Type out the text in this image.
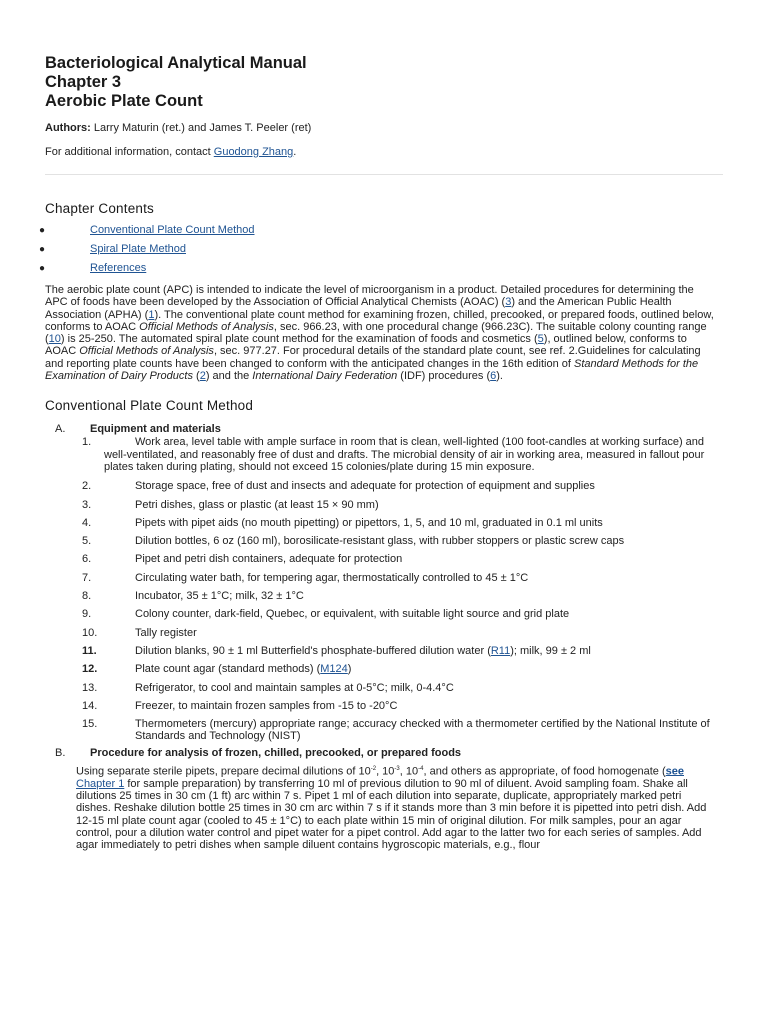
Bacteriological Analytical Manual
Chapter 3
Aerobic Plate Count
Authors: Larry Maturin (ret.) and James T. Peeler (ret)
For additional information, contact Guodong Zhang.
Chapter Contents
●	Conventional Plate Count Method
●	Spiral Plate Method
●	References

The aerobic plate count (APC) is intended to indicate the level of microorganism in a product. Detailed procedures for determining the APC of foods have been developed by the Association of Official Analytical Chemists (AOAC) (3) and the American Public Health Association (APHA) (1). The conventional plate count method for examining frozen, chilled, precooked, or prepared foods, outlined below, conforms to AOAC Official Methods of Analysis, sec. 966.23, with one procedural change (966.23C). The suitable colony counting range (10) is 25-250. The automated spiral plate count method for the examination of foods and cosmetics (5), outlined below, conforms to AOAC Official Methods of Analysis, sec. 977.27. For procedural details of the standard plate count, see ref. 2.Guidelines for calculating and reporting plate counts have been changed to conform with the anticipated changes in the 16th edition of Standard Methods for the Examination of Dairy Products (2) and the International Dairy Federation (IDF) procedures (6).

Conventional Plate Count Method
A. Equipment and materials
1.	Work area, level table with ample surface in room that is clean, well-lighted (100 foot-candles at working surface) and well-ventilated, and reasonably free of dust and drafts. The microbial density of air in working area, measured in fallout pour plates taken during plating, should not exceed 15 colonies/plate during 15 min exposure.
2.	Storage space, free of dust and insects and adequate for protection of equipment and supplies
3.	Petri dishes, glass or plastic (at least 15 × 90 mm)
4.	Pipets with pipet aids (no mouth pipetting) or pipettors, 1, 5, and 10 ml, graduated in 0.1 ml units
5.	Dilution bottles, 6 oz (160 ml), borosilicate-resistant glass, with rubber stoppers or plastic screw caps
6.	Pipet and petri dish containers, adequate for protection
7.	Circulating water bath, for tempering agar, thermostatically controlled to 45 ± 1°C
8.	Incubator, 35 ± 1°C; milk, 32 ± 1°C
9.	Colony counter, dark-field, Quebec, or equivalent, with suitable light source and grid plate
10.	Tally register
11.	Dilution blanks, 90 ± 1 ml Butterfield's phosphate-buffered dilution water (R11); milk, 99 ± 2 ml
12.	Plate count agar (standard methods) (M124)
13.	Refrigerator, to cool and maintain samples at 0-5°C; milk, 0-4.4°C
14.	Freezer, to maintain frozen samples from -15 to -20°C
15.	Thermometers (mercury) appropriate range; accuracy checked with a thermometer certified by the National Institute of Standards and Technology (NIST)
B. Procedure for analysis of frozen, chilled, precooked, or prepared foods

Using separate sterile pipets, prepare decimal dilutions of $10^{-2}$, $10^{-3}$, $10^{-4}$, and others as appropriate, of food homogenate (see Chapter 1 for sample preparation) by transferring 10 ml of previous dilution to 90 ml of diluent. Avoid sampling foam. Shake all dilutions 25 times in 30 cm (1 ft) arc within 7 s. Pipet 1 ml of each dilution into separate, duplicate, appropriately marked petri dishes. Reshake dilution bottle 25 times in 30 cm arc within 7 s if it stands more than 3 min before it is pipetted into petri dish. Add 12-15 ml plate count agar (cooled to 45 ± 1°C) to each plate within 15 min of original dilution. For milk samples, pour an agar control, pour a dilution water control and pipet water for a pipet control. Add agar to the latter two for each series of samples. Add agar immediately to petri dishes when sample diluent contains hygroscopic materials, e.g., flour
